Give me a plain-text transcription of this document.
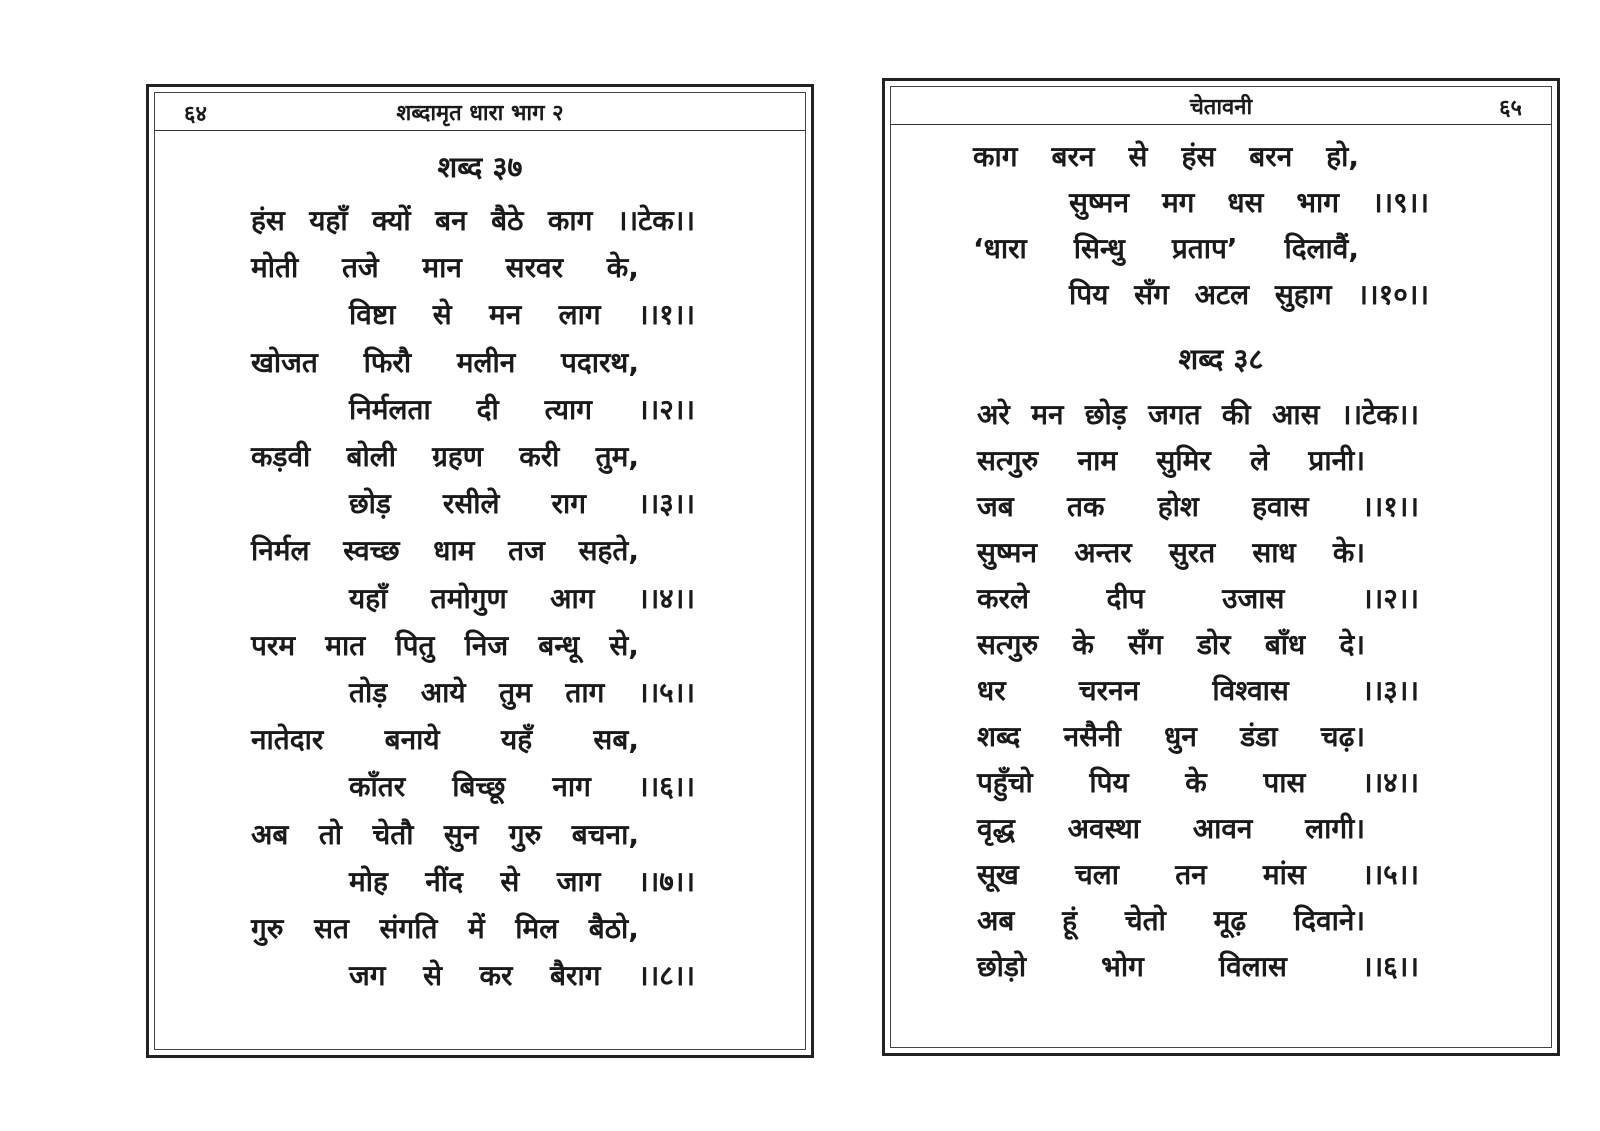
६४	शब्दामृत धारा भाग २
शब्द ३७
हंस यहाँ क्यों बन बैठे काग ।।टेक।।
मोती तजे मान सरवर के,
विष्टा से मन लाग ।।१।।
खोजत फिरौ मलीन पदारथ,
निर्मलता दी त्याग ।।२।।
कड़वी बोली ग्रहण करी तुम,
छोड़ रसीले राग ।।३।।
निर्मल स्वच्छ धाम तज सहते,
यहाँ तमोगुण आग ।।४।।
परम मात पितु निज बन्धू से,
तोड़ आये तुम ताग ।।५।।
नातेदार बनाये यहँ सब,
काँतर बिच्छू नाग ।।६।।
अब तो चेतौ सुन गुरु बचना,
मोह नींद से जाग ।।७।।
गुरु सत संगति में मिल बैठो,
जग से कर बैराग ।।८।।
६५
चेतावनी
काग बरन से हंस बरन हो,
सुष्मन मग धस भाग ।।९।।
‘धारा सिन्धु प्रताप’ दिलावैं,
पिय सँग अटल सुहाग ।।१०।।
शब्द ३८
अरे मन छोड़ जगत की आस ।।टेक।।
सत्गुरु नाम सुमिर ले प्रानी।
जब तक होश हवास ।।१।।
सुष्मन अन्तर सुरत साध के।
करले	दीप	उजास	।।२।।
सत्गुरु के सँग डोर बाँध दे।
धर	चरनन	विश्वास	।।३।।
शब्द नसैनी धुन डंडा चढ़।
पहुँचो पिय के पास ।।४।।
वृद्ध अवस्था आवन लागी।
सूख चला तन मांस ।।५।।
अब हूं चेतो मूढ़ दिवाने।
छोड़ो	भोग	विलास	।।६।।
